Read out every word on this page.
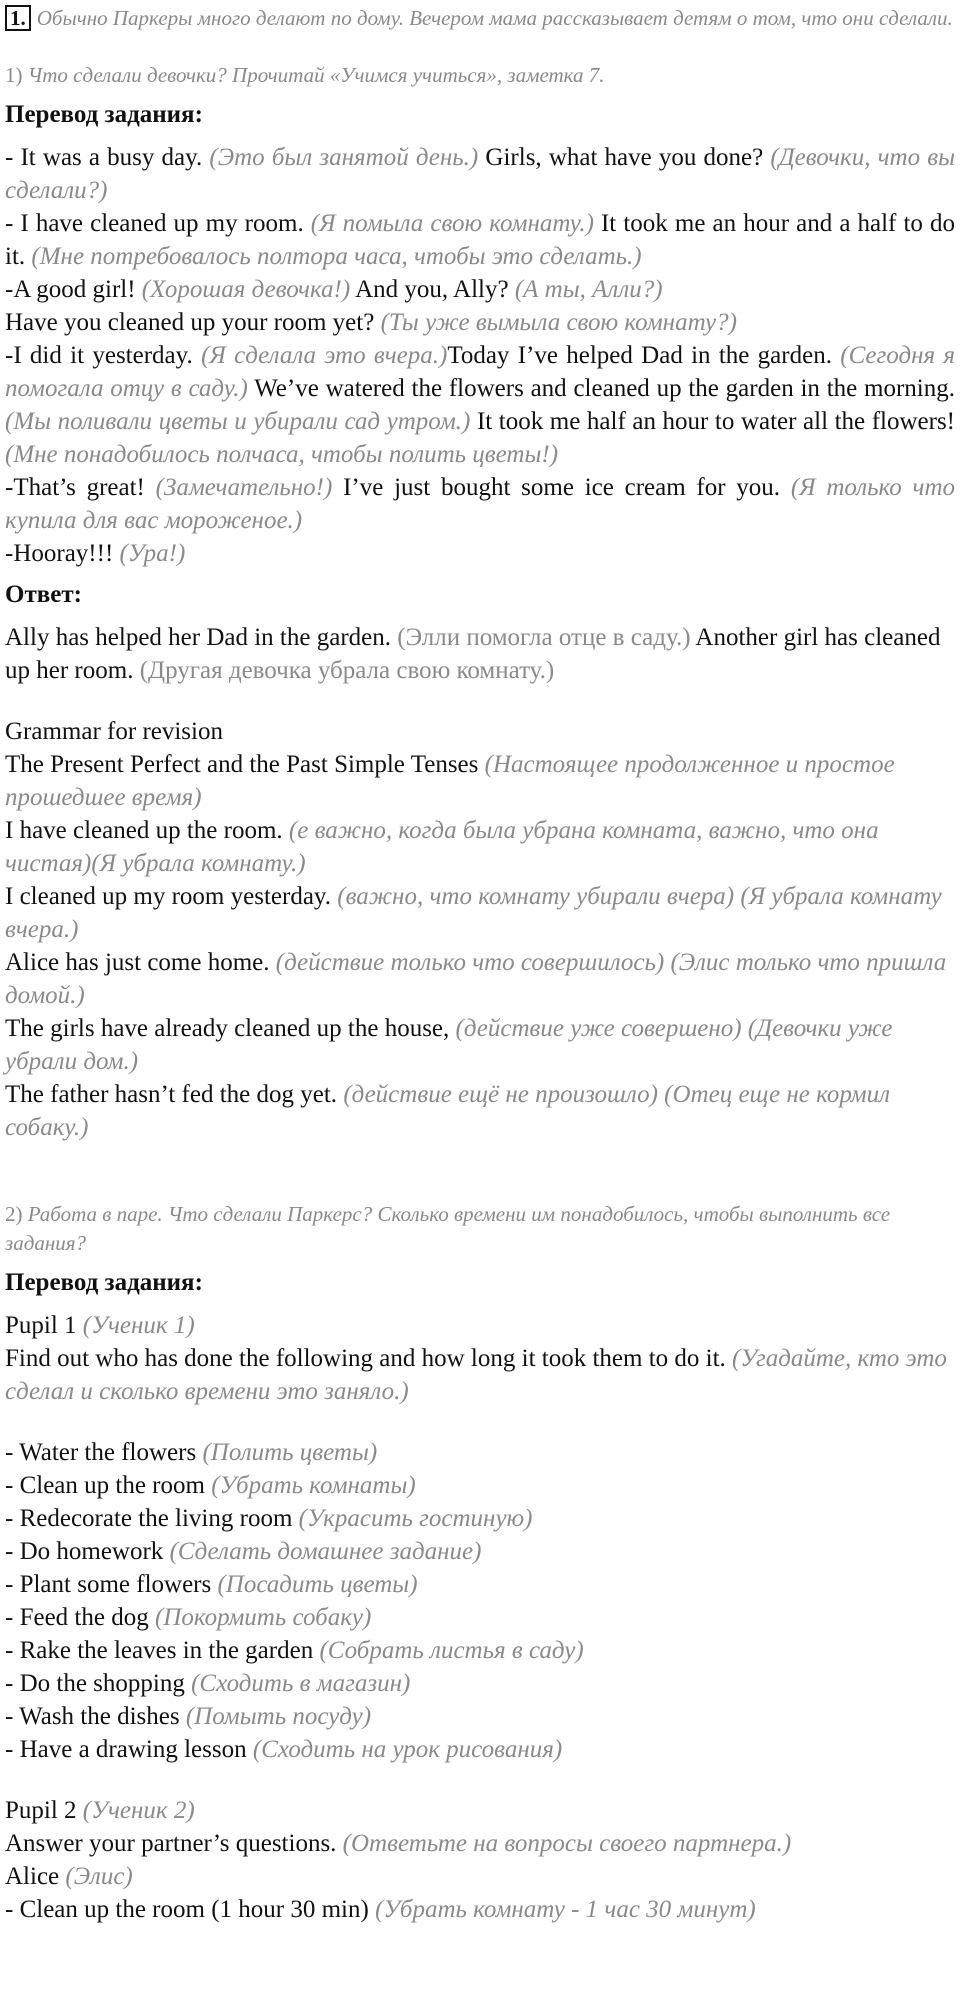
1. Обычно Паркеры много делают по дому. Вечером мама рассказывает детям о том, что они сделали.

1) Что сделали девочки? Прочитай «Учимся учиться», заметка 7.

Перевод задания:

- It was a busy day. (Это был занятой день.) Girls, what have you done? (Девочки, что вы сделали?)

- I have cleaned up my room. (Я помыла свою комнату.) It took me an hour and a half to do it. (Мне потребовалось полтора часа, чтобы это сделать.)

-A good girl! (Хорошая девочка!) And you, Ally? (А ты, Алли?)

Have you cleaned up your room yet? (Ты уже вымыла свою комнату?)

-I did it yesterday. (Я сделала это вчера.)Today I’ve helped Dad in the garden. (Сегодня я помогала отцу в саду.) We’ve watered the flowers and cleaned up the garden in the morning. (Мы поливали цветы и убирали сад утром.) It took me half an hour to water all the flowers! (Мне понадобилось полчаса, чтобы полить цветы!)

-That’s great! (Замечательно!) I’ve just bought some ice cream for you. (Я только что купила для вас мороженое.)

-Hooray!!! (Ура!)

Ответ:

Ally has helped her Dad in the garden. (Элли помогла отце в саду.) Another girl has cleaned up her room. (Другая девочка убрала свою комнату.)

Grammar for revision

The Present Perfect and the Past Simple Tenses (Настоящее продолженное и простое прошедшее время)

I have cleaned up the room. (е важно, когда была убрана комната, важно, что она чистая)(Я убрала комнату.)

I cleaned up my room yesterday. (важно, что комнату убирали вчера) (Я убрала комнату вчера.)

Alice has just come home. (действие только что совершилось) (Элис только что пришла домой.)

The girls have already cleaned up the house, (действие уже совершено) (Девочки уже убрали дом.)

The father hasn’t fed the dog yet. (действие ещё не произошло) (Отец еще не кормил собаку.)

2) Работа в паре. Что сделали Паркерс? Сколько времени им понадобилось, чтобы выполнить все задания?

Перевод задания:

Pupil 1 (Ученик 1)

Find out who has done the following and how long it took them to do it. (Угадайте, кто это сделал и сколько времени это заняло.)

- Water the flowers (Полить цветы)

- Clean up the room (Убрать комнаты)

- Redecorate the living room (Украсить гостиную)

- Do homework (Сделать домашнее задание)

- Plant some flowers (Посадить цветы)

- Feed the dog (Покормить собаку)

- Rake the leaves in the garden (Собрать листья в саду)

- Do the shopping (Сходить в магазин)

- Wash the dishes (Помыть посуду)

- Have a drawing lesson (Сходить на урок рисования)

Pupil 2 (Ученик 2)

Answer your partner’s questions. (Ответьте на вопросы своего партнера.)

Alice (Элис)

- Clean up the room (1 hour 30 min) (Убрать комнату - 1 час 30 минут)
